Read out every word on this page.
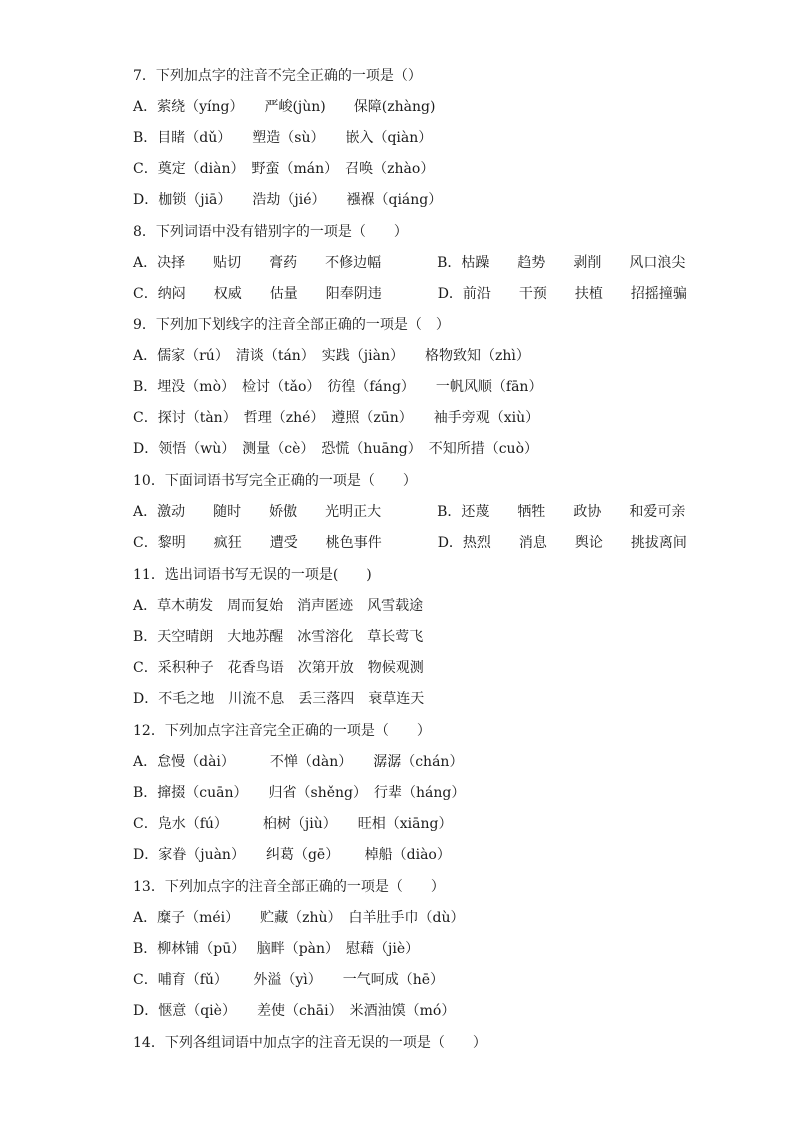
7．下列加点字的注音不完全正确的一项是（）
A．萦绕（yíng）　　严峻(jùn)　　保障(zhàng)
B．目睹（dǔ）　　塑造（sù）　　嵌入（qiàn）
C．奠定（diàn）　野蛮（mán）　召唤（zhào）
D．枷锁（jiā）　　浩劫（jié）　　襁褓（qiáng）
8．下列词语中没有错别字的一项是（　　）
A．决择　　贴切　　膏药　　不修边幅　　　　B．枯躁　　趋势　　剥削　　风口浪尖
C．纳闷　　权威　　估量　　阳奉阴违　　　　D．前沿　　干预　　扶植　　招摇撞骗
9．下列加下划线字的注音全部正确的一项是（　）
A．儒家（rú）　清谈（tán）　实践（jiàn）　　格物致知（zhì）
B．埋没（mò）　检讨（tǎo）　彷徨（fáng）　　一帆风顺（fān）
C．探讨（tàn）　哲理（zhé）　遵照（zūn）　　袖手旁观（xiù）
D．领悟（wù）　测量（cè）　恐慌（huāng）　不知所措（cuò）
10．下面词语书写完全正确的一项是（　　）
A．激动　　随时　　娇傲　　光明正大　　　　B．还蔑　　牺牲　　政协　　和爱可亲
C．黎明　　疯狂　　遭受　　桃色事件　　　　D．热烈　　消息　　舆论　　挑拔离间
11．选出词语书写无误的一项是(　　)
A．草木萌发　周而复始　消声匿迹　风雪载途
B．天空晴朗　大地苏醒　冰雪溶化　草长莺飞
C．采积种子　花香鸟语　次第开放　物候观测
D．不毛之地　川流不息　丢三落四　衰草连天
12．下列加点字注音完全正确的一项是（　　）
A．怠慢（dài）　　　不惮（dàn）　　潺潺（chán）
B．撺掇（cuān）　　归省（shěng）　行辈（háng）
C．凫水（fú）　　　桕树（jiù）　　旺相（xiāng）
D．家眷（juàn）　　纠葛（gē）　　 棹船（diào）
13．下列加点字的注音全部正确的一项是（　　）
A．糜子（méi）　　贮藏（zhù）　白羊肚手巾（dù）
B．柳林铺（pū）　 脑畔（pàn）　慰藉（jiè）
C．哺育（fǔ）　　 外溢（yì）　　一气呵成（hē）
D．惬意（qiè）　　差使（chāi）　米酒油馍（mó）
14．下列各组词语中加点字的注音无误的一项是（　　）
